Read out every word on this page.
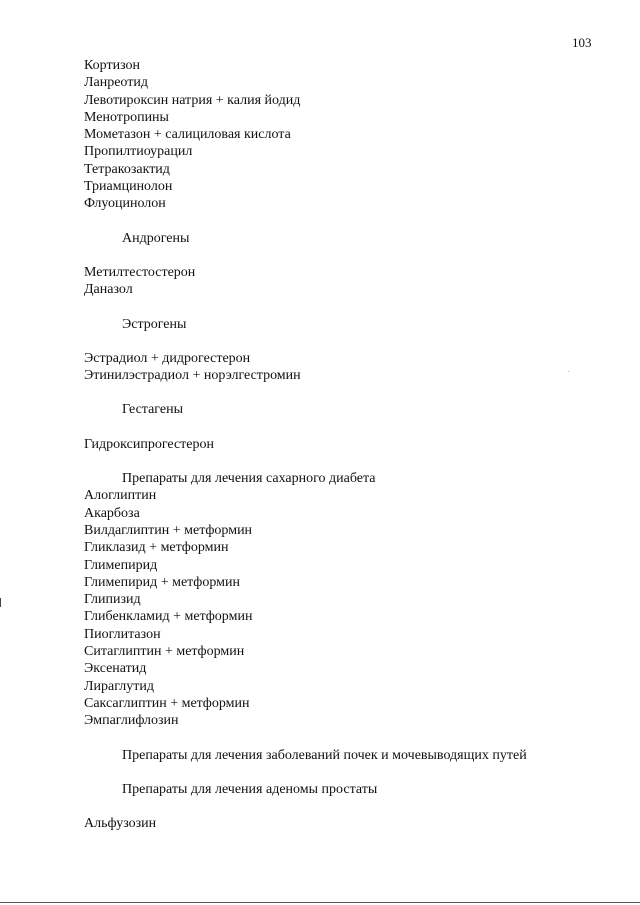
103
Кортизон
Ланреотид
Левотироксин натрия + калия йодид
Менотропины
Мометазон + салициловая кислота
Пропилтиоурацил
Тетракозактид
Триамцинолон
Флуоцинолон
Андрогены
Метилтестостерон
Даназол
Эстрогены
Эстрадиол + дидрогестерон
Этинилэстрадиол + норэлгестромин
Гестагены
Гидроксипрогестерон
Препараты для лечения сахарного диабета
Алоглиптин
Акарбоза
Вилдаглиптин + метформин
Гликлазид + метформин
Глимепирид
Глимепирид + метформин
Глипизид
Глибенкламид + метформин
Пиоглитазон
Ситаглиптин + метформин
Эксенатид
Лираглутид
Саксаглиптин + метформин
Эмпаглифлозин
Препараты для лечения заболеваний почек и мочевыводящих путей
Препараты для лечения аденомы простаты
Альфузозин
